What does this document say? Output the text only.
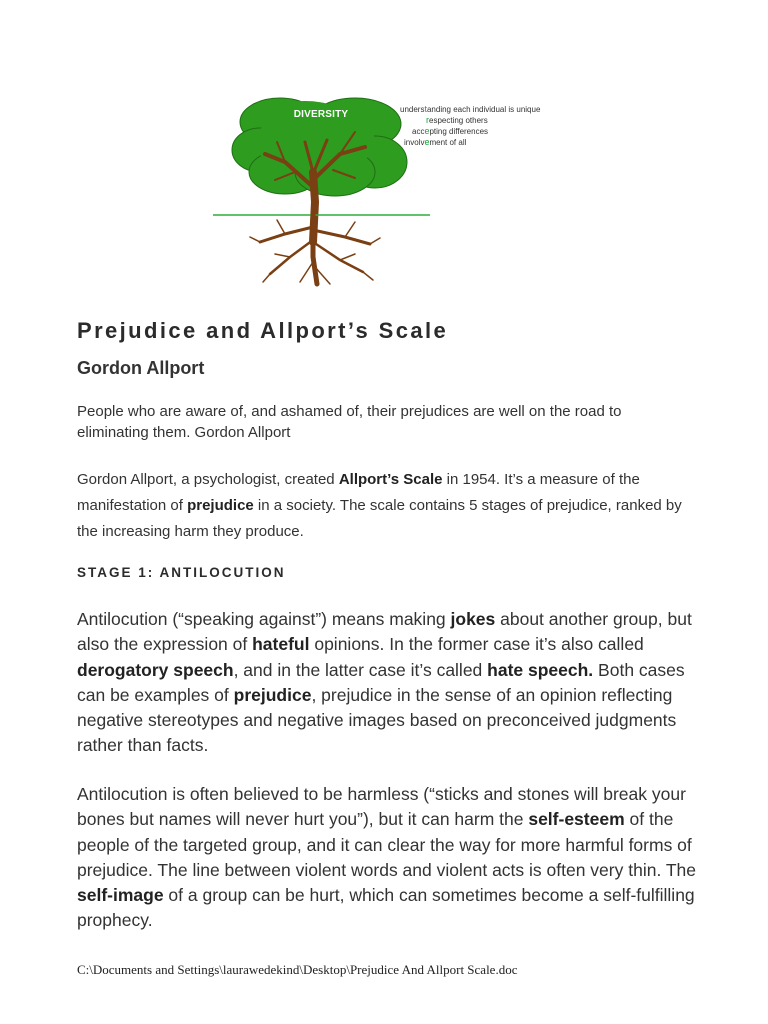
DIVERSITY	understanding each individual is unique
respecting others
accepting differences
involvement of all
Prejudice and Allport’s Scale
Gordon Allport

People who are aware of, and ashamed of, their prejudices are well on the road to eliminating them. Gordon Allport

Gordon Allport, a psychologist, created Allport’s Scale in 1954. It’s a measure of the manifestation of prejudice in a society. The scale contains 5 stages of prejudice, ranked by the increasing harm they produce.

STAGE 1: ANTILOCUTION

Antilocution (“speaking against”) means making jokes about another group, but also the expression of hateful opinions. In the former case it’s also called derogatory speech, and in the latter case it’s called hate speech. Both cases can be examples of prejudice, prejudice in the sense of an opinion reflecting negative stereotypes and negative images based on preconceived judgments rather than facts.

Antilocution is often believed to be harmless (“sticks and stones will break your bones but names will never hurt you”), but it can harm the self-esteem of the people of the targeted group, and it can clear the way for more harmful forms of prejudice. The line between violent words and violent acts is often very thin. The self-image of a group can be hurt, which can sometimes become a self-fulfilling prophecy.

C:\Documents and Settings\laurawedekind\Desktop\Prejudice And Allport Scale.doc
